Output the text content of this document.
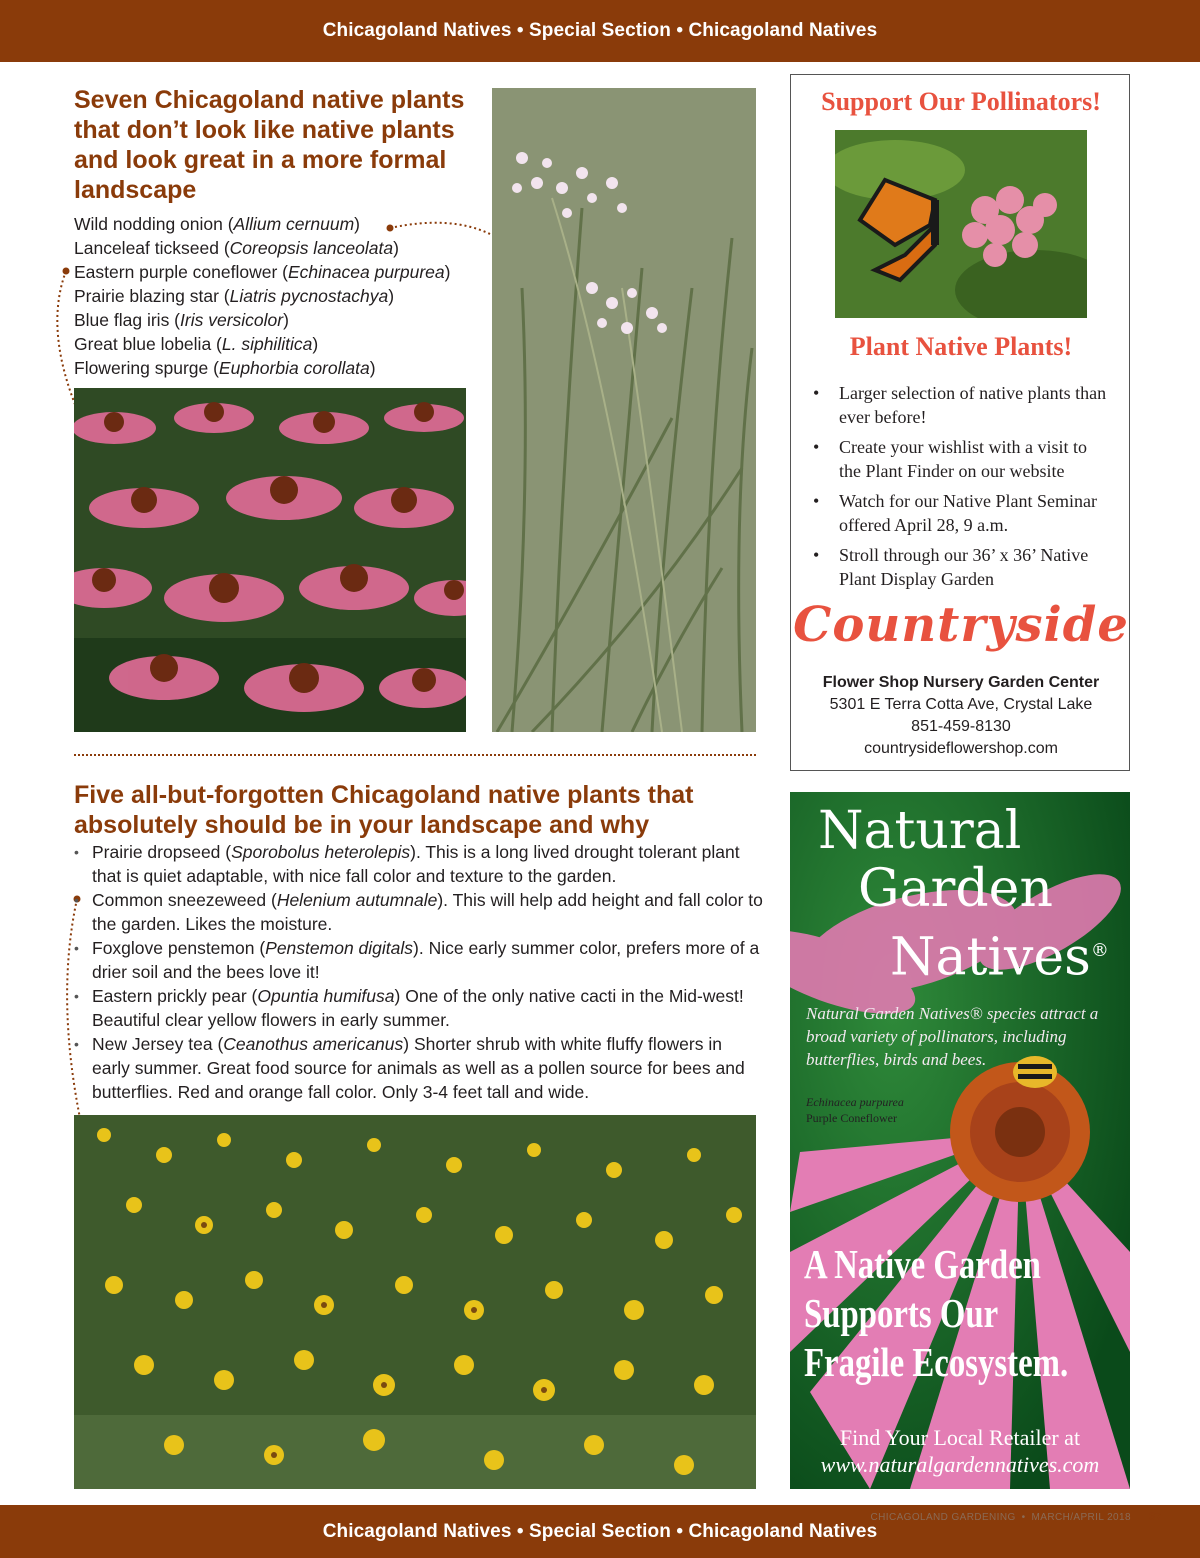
Chicagoland Natives • Special Section • Chicagoland Natives
Seven Chicagoland native plants that don’t look like native plants and look great in a more formal landscape
Wild nodding onion (Allium cernuum)
Lanceleaf tickseed (Coreopsis lanceolata)
Eastern purple coneflower (Echinacea purpurea)
Prairie blazing star (Liatris pycnostachya)
Blue flag iris (Iris versicolor)
Great blue lobelia (L. siphilitica)
Flowering spurge (Euphorbia corollata)
Five all-but-forgotten Chicagoland native plants that absolutely should be in your landscape and why
• Prairie dropseed (Sporobolus heterolepis). This is a long lived drought tolerant plant that is quiet adaptable, with nice fall color and texture to the garden.
• Common sneezeweed (Helenium autumnale). This will help add height and fall color to the garden. Likes the moisture.
• Foxglove penstemon (Penstemon digitals). Nice early summer color, prefers more of a drier soil and the bees love it!
• Eastern prickly pear (Opuntia humifusa) One of the only native cacti in the Mid-west! Beautiful clear yellow flowers in early summer.
• New Jersey tea (Ceanothus americanus) Shorter shrub with white fluffy flowers in early summer. Great food source for animals as well as a pollen source for bees and butterflies. Red and orange fall color. Only 3-4 feet tall and wide.
Support Our Pollinators!
Plant Native Plants!
• Larger selection of native plants than ever before!
• Create your wishlist with a visit to the Plant Finder on our website
• Watch for our Native Plant Seminar offered April 28, 9 a.m.
• Stroll through our 36’ x 36’ Native Plant Display Garden
Countryside
Flower Shop Nursery Garden Center
5301 E Terra Cotta Ave, Crystal Lake
851-459-8130
countrysideflowershop.com
Natural
Garden
Natives®
Natural Garden Natives® species attract a broad variety of pollinators, including butterflies, birds and bees.
Echinacea purpurea
Purple Coneflower
A Native Garden
Supports Our
Fragile Ecosystem.
Find Your Local Retailer at
www.naturalgardennatives.com
Chicagoland Natives • Special Section • Chicagoland Natives
CHICAGOLAND GARDENING • MARCH/APRIL 2018 37
